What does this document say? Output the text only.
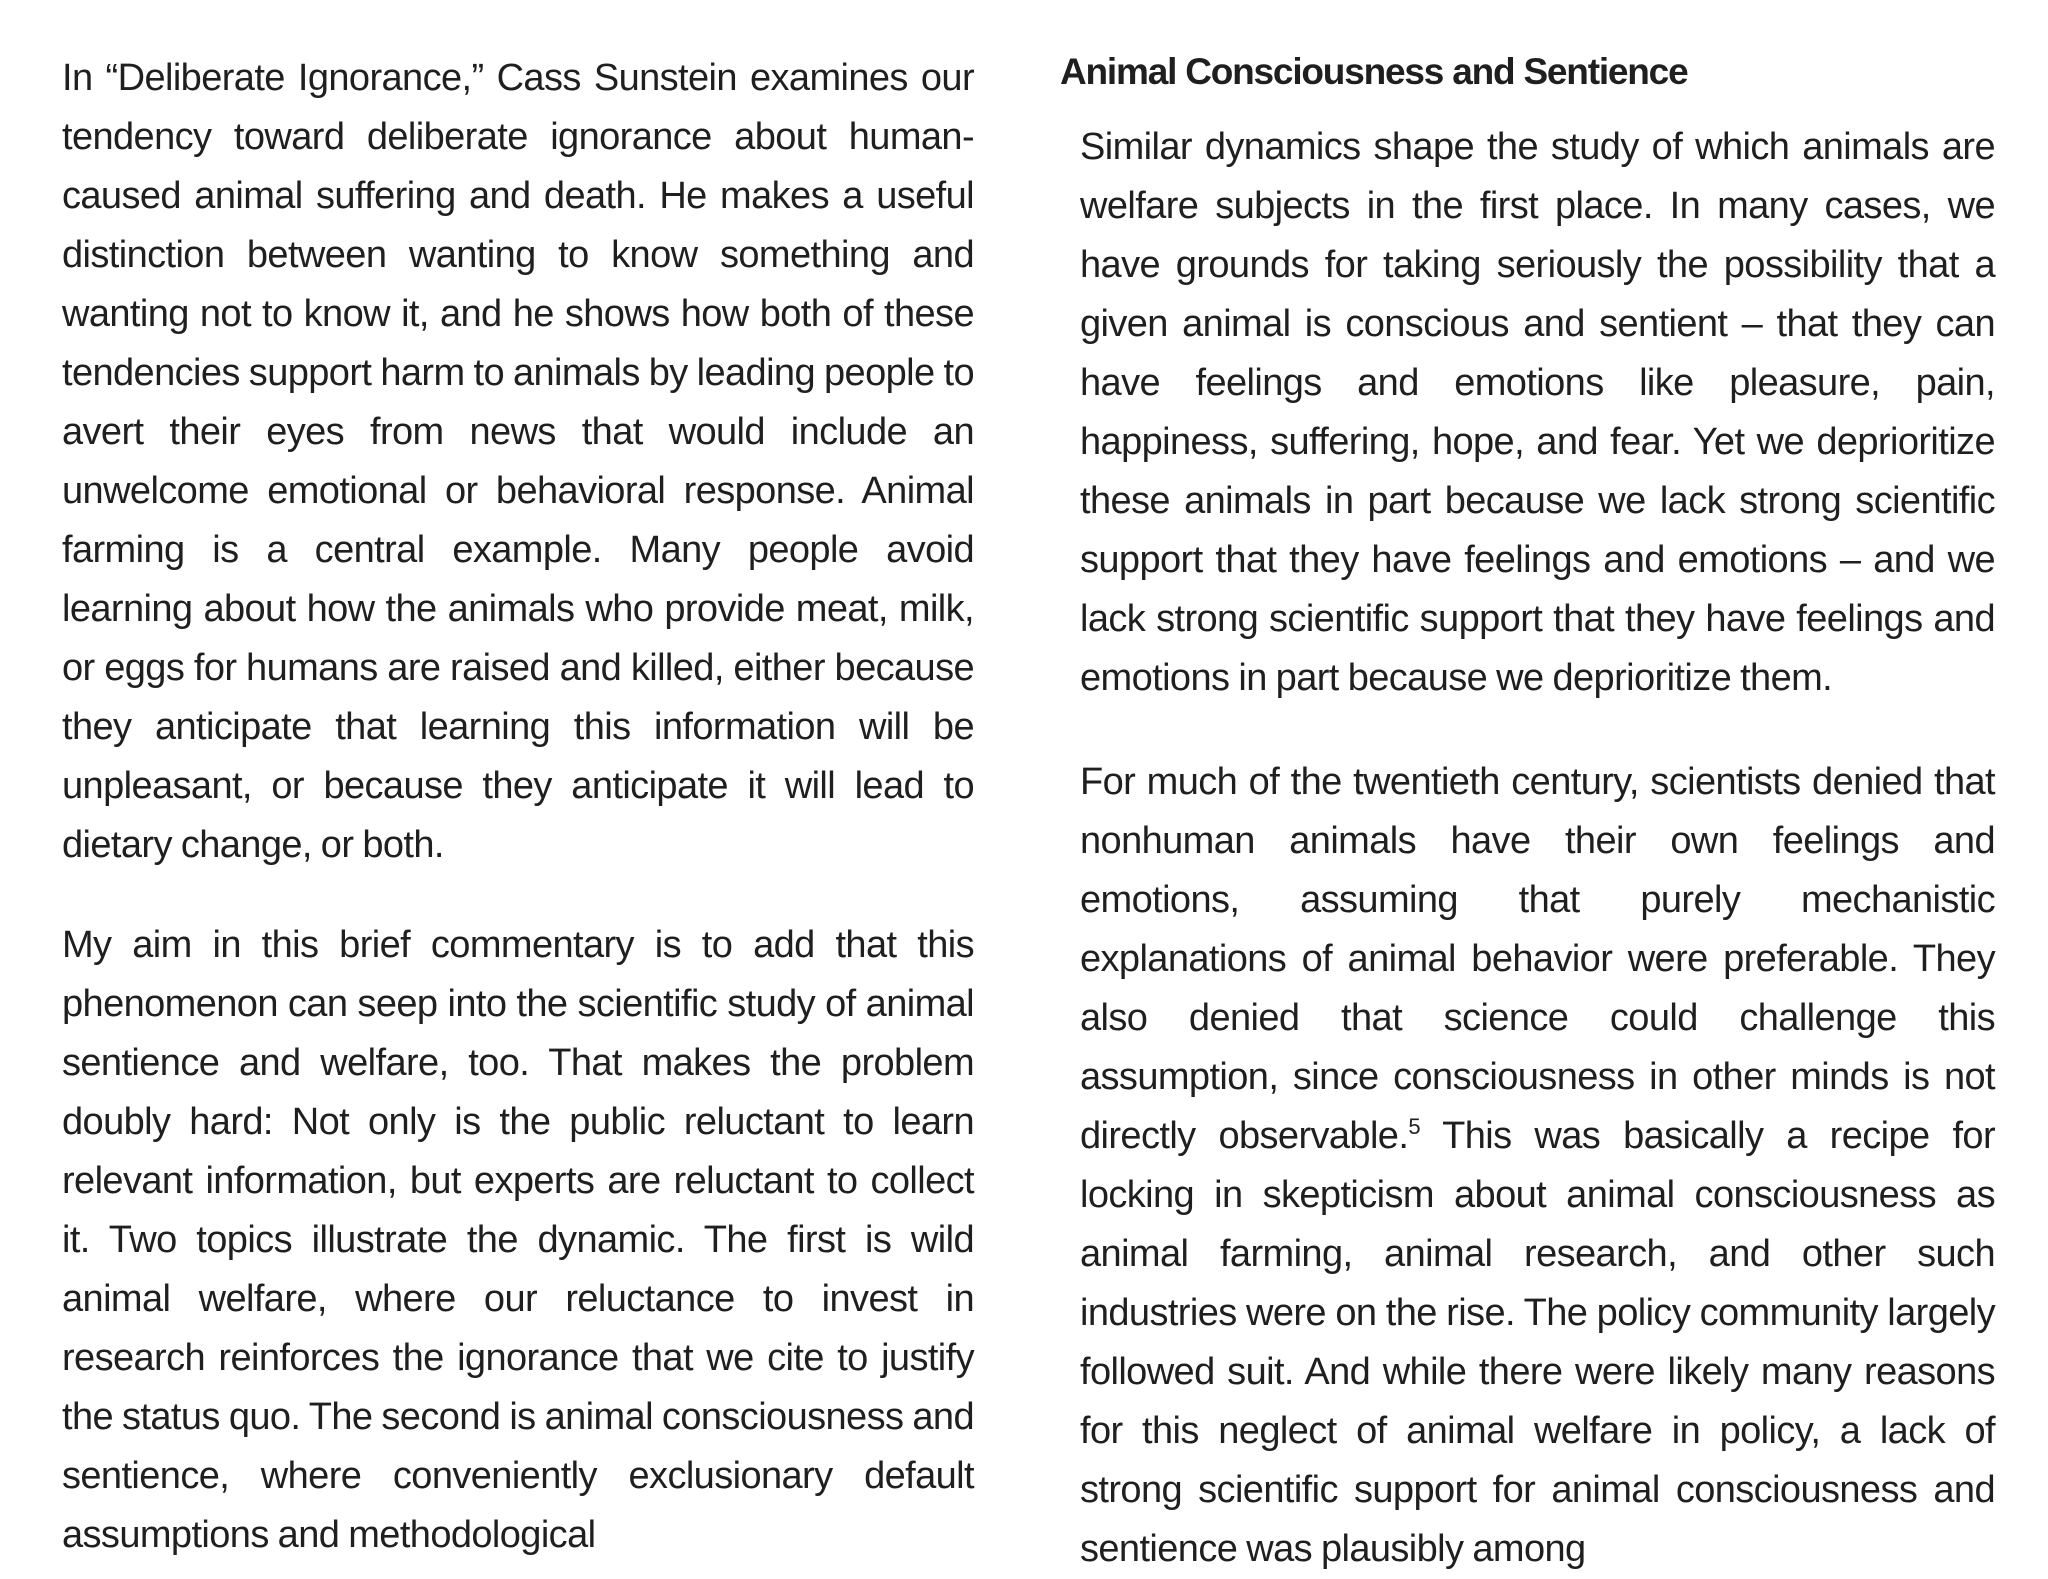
In “Deliberate Ignorance,” Cass Sunstein examines our tendency toward deliberate ignorance about human-caused animal suffering and death. He makes a useful distinction between wanting to know something and wanting not to know it, and he shows how both of these tendencies support harm to animals by leading people to avert their eyes from news that would include an unwelcome emotional or behavioral response. Animal farming is a central example. Many people avoid learning about how the animals who provide meat, milk, or eggs for humans are raised and killed, either because they anticipate that learning this information will be unpleasant, or because they anticipate it will lead to dietary change, or both.

My aim in this brief commentary is to add that this phenomenon can seep into the scientific study of animal sentience and welfare, too. That makes the problem doubly hard: Not only is the public reluctant to learn relevant information, but experts are reluctant to collect it. Two topics illustrate the dynamic. The first is wild animal welfare, where our reluctance to invest in research reinforces the ignorance that we cite to justify the status quo. The second is animal consciousness and sentience, where conveniently exclusionary default assumptions and methodological

Animal Consciousness and Sentience

Similar dynamics shape the study of which animals are welfare subjects in the first place. In many cases, we have grounds for taking seriously the possibility that a given animal is conscious and sentient – that they can have feelings and emotions like pleasure, pain, happiness, suffering, hope, and fear. Yet we deprioritize these animals in part because we lack strong scientific support that they have feelings and emotions – and we lack strong scientific support that they have feelings and emotions in part because we deprioritize them.

For much of the twentieth century, scientists denied that nonhuman animals have their own feelings and emotions, assuming that purely mechanistic explanations of animal behavior were preferable. They also denied that science could challenge this assumption, since consciousness in other minds is not directly observable.$^5$ This was basically a recipe for locking in skepticism about animal consciousness as animal farming, animal research, and other such industries were on the rise. The policy community largely followed suit. And while there were likely many reasons for this neglect of animal welfare in policy, a lack of strong scientific support for animal consciousness and sentience was plausibly among
